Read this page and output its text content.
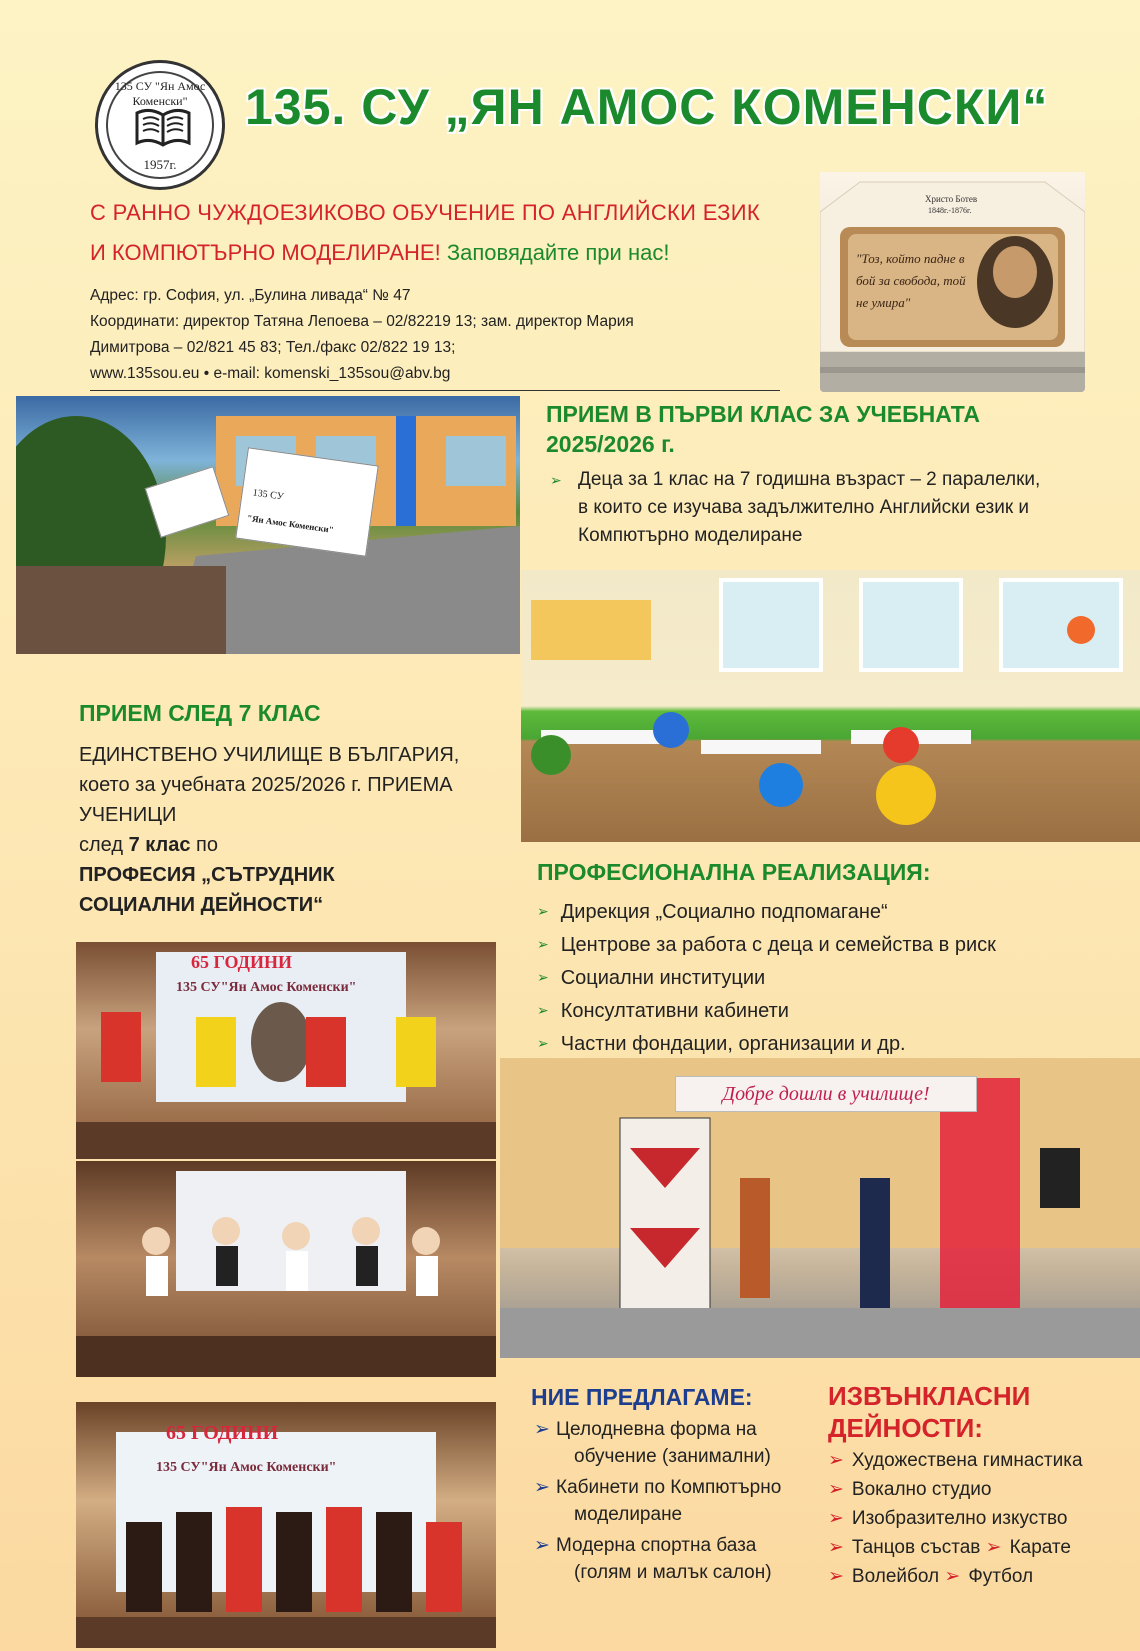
135 СУ "Ян Амос Коменски"
1957г.
135. СУ „ЯН АМОС КОМЕНСКИ“
С РАННО ЧУЖДОЕЗИКОВО ОБУЧЕНИЕ ПО АНГЛИЙСКИ ЕЗИК
И КОМПЮТЪРНО МОДЕЛИРАНЕ! Заповядайте при нас!
Адрес: гр. София, ул. „Булина ливада“ № 47
Координати: директор Татяна Лепоева – 02/82219 13; зам. директор Мария
Димитрова – 02/821 45 83; Тел./факс 02/822 19 13;
www.135sou.eu • e-mail: komenski_135sou@abv.bg
Христо Ботев
1848г.-1876г.
"Тоз, който падне в бой за свобода, той не умира"
135 СУ
"Ян Амос Коменски"
ПРИЕМ В ПЪРВИ КЛАС ЗА УЧЕБНАТА 2025/2026 г.
➢ Деца за 1 клас на 7 годишна възраст – 2 паралелки, в които се изучава задължително Английски език и Компютърно моделиране
ПРИЕМ СЛЕД 7 КЛАС
ЕДИНСТВЕНО УЧИЛИЩЕ В БЪЛГАРИЯ,
което за учебната 2025/2026 г. ПРИЕМА
УЧЕНИЦИ
след 7 клас по
ПРОФЕСИЯ „СЪТРУДНИК
СОЦИАЛНИ ДЕЙНОСТИ“
ПРОФЕСИОНАЛНА РЕАЛИЗАЦИЯ:
➢ Дирекция „Социално подпомагане“
➢ Центрове за работа с деца и семейства в риск
➢ Социални институции
➢ Консултативни кабинети
➢ Частни фондации, организации и др.
65 ГОДИНИ
135 СУ"Ян Амос Коменски"
65 ГОДИНИ
135 СУ"Ян Амос Коменски"
Добре дошли в училище!
НИЕ ПРЕДЛАГАМЕ:
➢ Целодневна форма на
обучение (занимални)
➢ Кабинети по Компютърно
моделиране
➢ Модерна спортна база
(голям и малък салон)
ИЗВЪНКЛАСНИ
ДЕЙНОСТИ:
➢ Художествена гимнастика
➢ Вокално студио
➢ Изобразително изкуство
➢ Танцов състав ➢ Карате
➢ Волейбол ➢ Футбол
